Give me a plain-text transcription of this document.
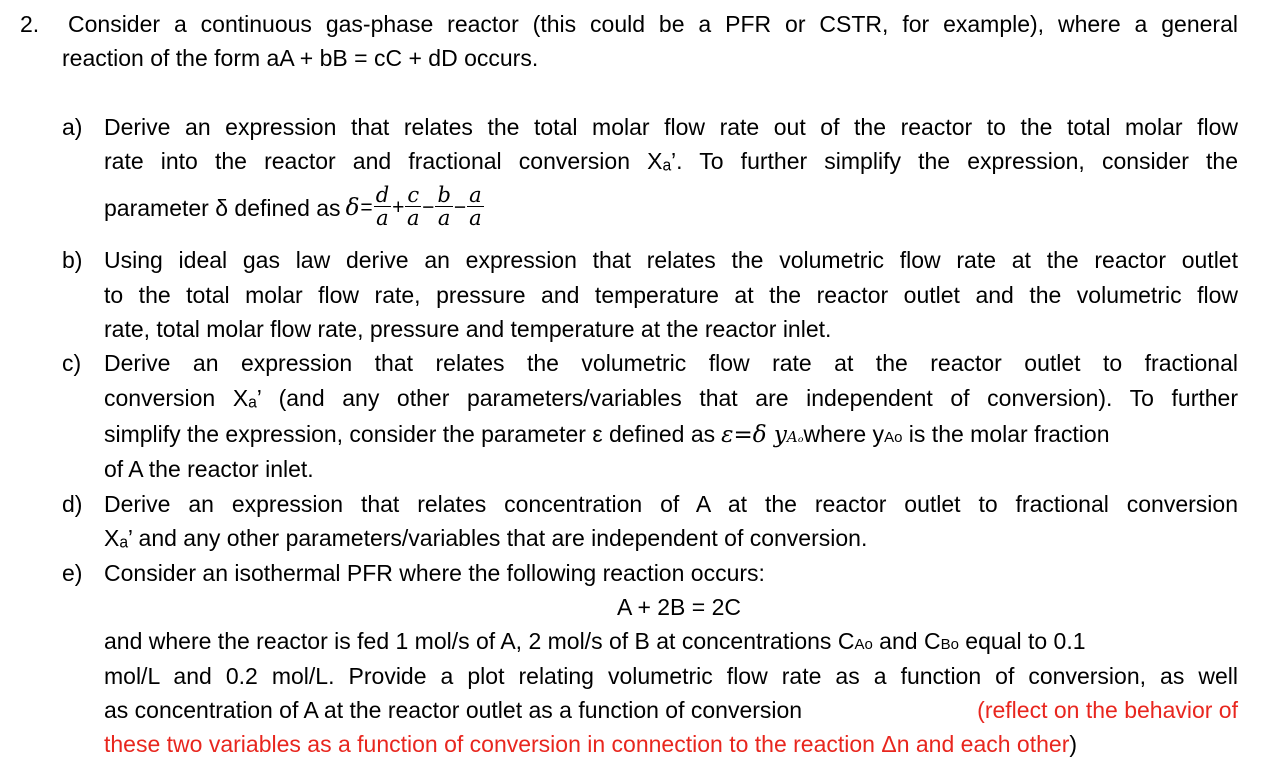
2. Consider a continuous gas-phase reactor (this could be a PFR or CSTR, for example), where a general
reaction of the form aA + bB = cC + dD occurs.
a) Derive an expression that relates the total molar flow rate out of the reactor to the total molar flow
rate into the reactor and fractional conversion Xₐ’. To further simplify the expression, consider the
parameter δ defined as $\delta = \frac{d}{a} + \frac{c}{a} - \frac{b}{a} - \frac{a}{a}$
b) Using ideal gas law derive an expression that relates the volumetric flow rate at the reactor outlet
to the total molar flow rate, pressure and temperature at the reactor outlet and the volumetric flow
rate, total molar flow rate, pressure and temperature at the reactor inlet.
c) Derive an expression that relates the volumetric flow rate at the reactor outlet to fractional
conversion Xₐ’ (and any other parameters/variables that are independent of conversion). To further
simplify the expression, consider the parameter ε defined as ε=δ y Aₒ where y Ao is the molar fraction
of A the reactor inlet.
d) Derive an expression that relates concentration of A at the reactor outlet to fractional conversion
Xₐ’ and any other parameters/variables that are independent of conversion.
e) Consider an isothermal PFR where the following reaction occurs:
A + 2B = 2C
and where the reactor is fed 1 mol/s of A, 2 mol/s of B at concentrations C Ao and C Bo equal to 0.1
mol/L and 0.2 mol/L. Provide a plot relating volumetric flow rate as a function of conversion, as well
as concentration of A at the reactor outlet as a function of conversion	(reflect on the behavior of
these two variables as a function of conversion in connection to the reaction Δn and each other)
